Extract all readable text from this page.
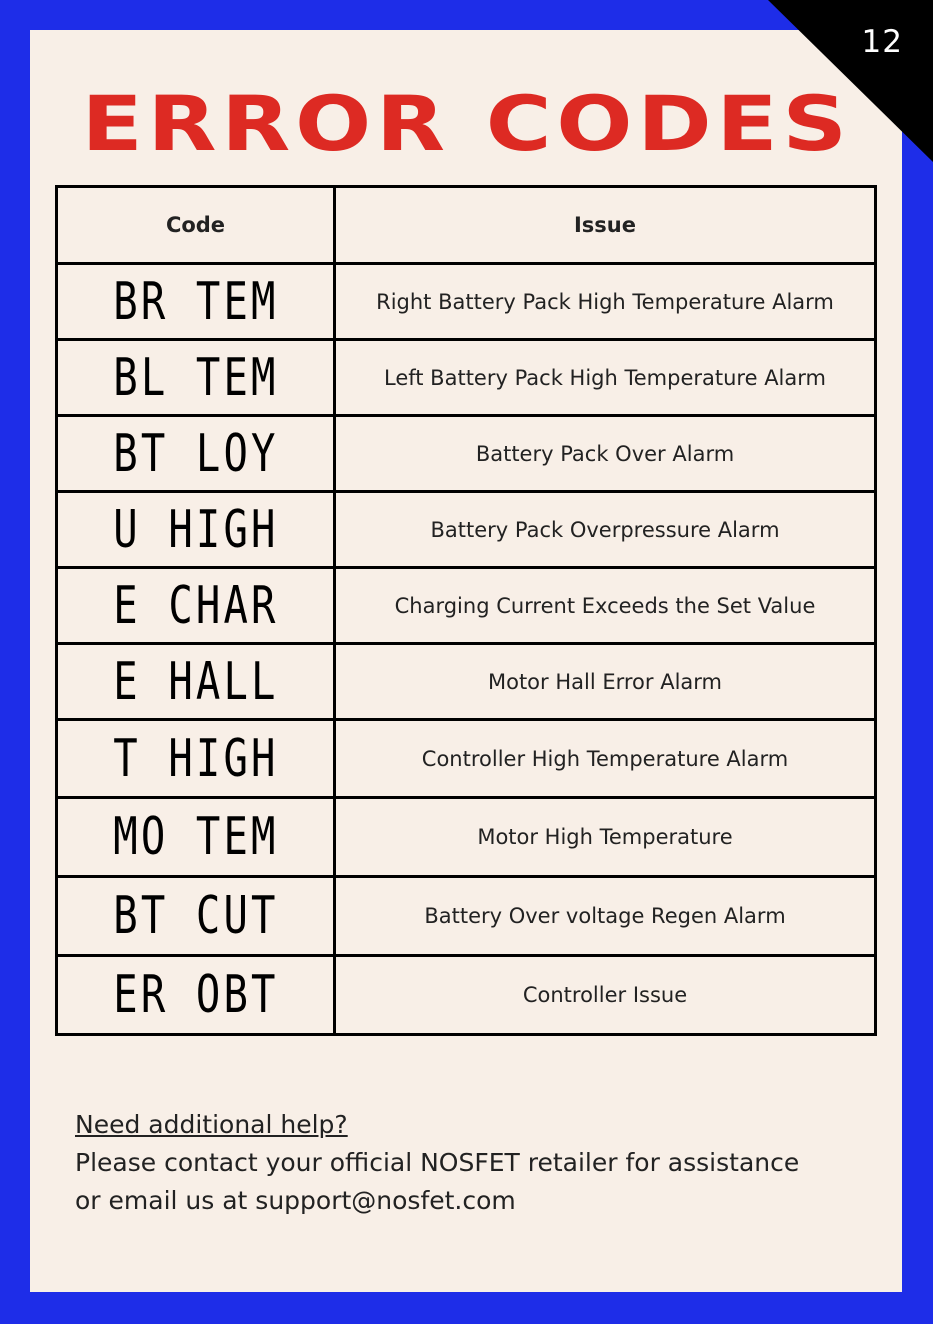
12
ERROR CODES
Code	Issue
BR TEM	Right Battery Pack High Temperature Alarm
BL TEM	Left Battery Pack High Temperature Alarm
BT LOY	Battery Pack Over Alarm
U HIGH	Battery Pack Overpressure Alarm
E CHAR	Charging Current Exceeds the Set Value
E HALL	Motor Hall Error Alarm
T HIGH	Controller High Temperature Alarm
MO TEM	Motor High Temperature
BT CUT	Battery Over voltage Regen Alarm
ER OBT	Controller Issue
Need additional help?
Please contact your official NOSFET retailer for assistance
or email us at support@nosfet.com
